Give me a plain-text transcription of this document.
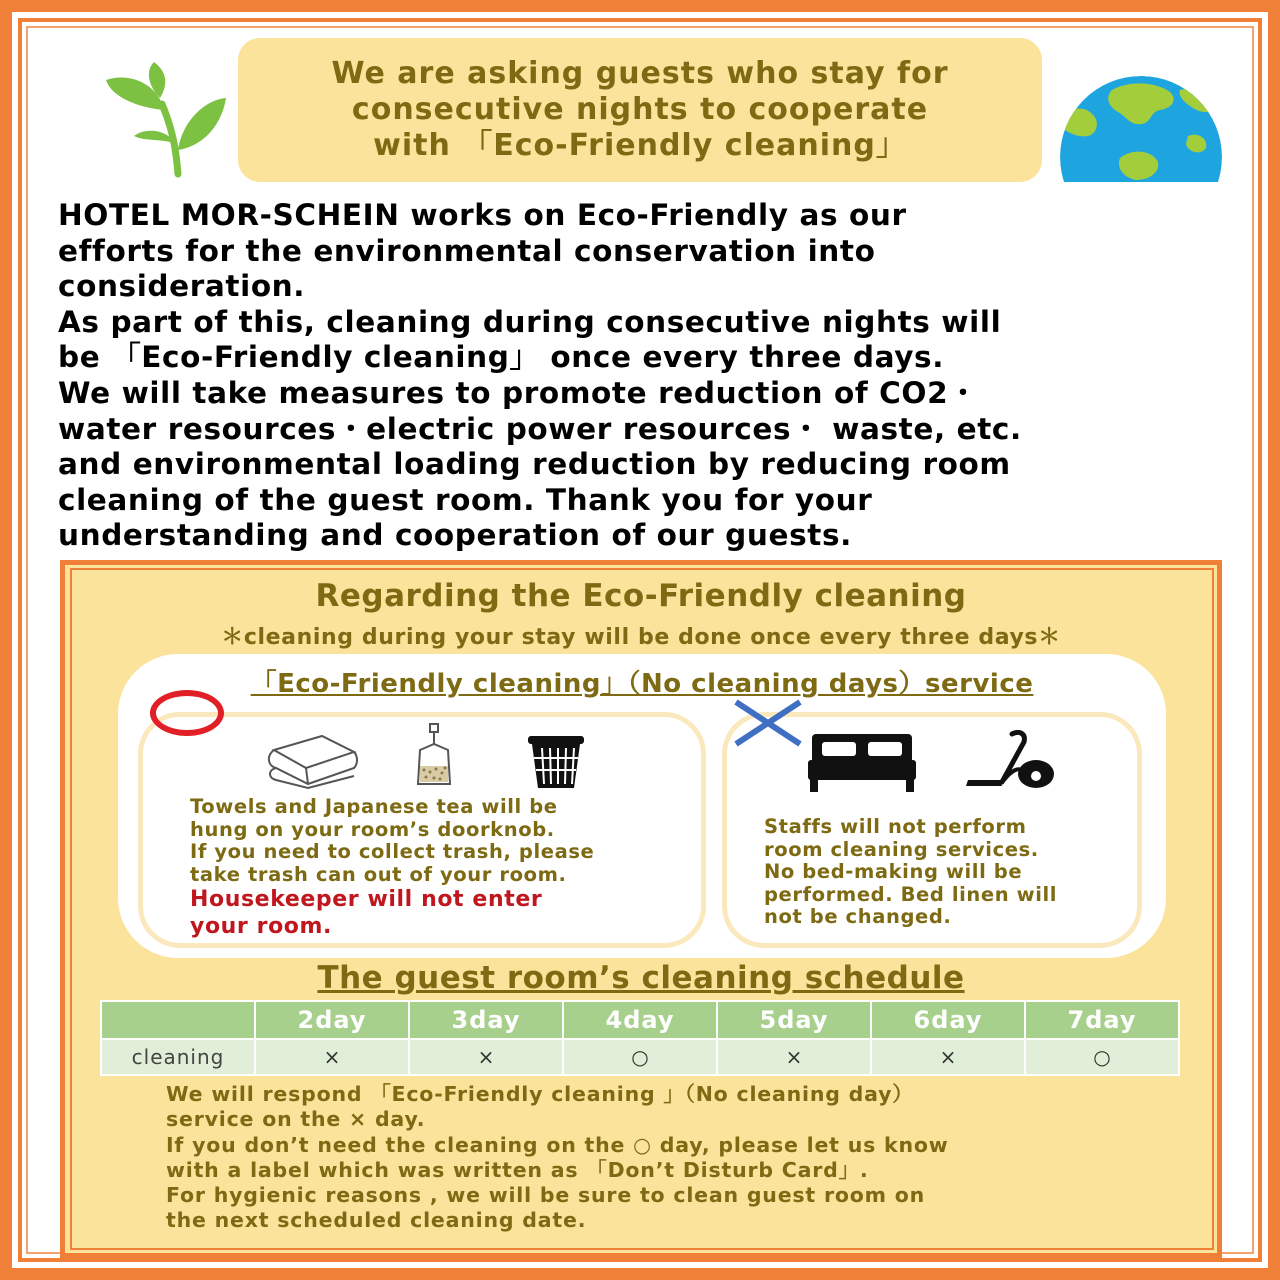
We are asking guests who stay for
consecutive nights to cooperate
with 「Eco-Friendly cleaning」
HOTEL MOR-SCHEIN works on Eco-Friendly as our
efforts for the environmental conservation into
consideration.
As part of this, cleaning during consecutive nights will
be 「Eco-Friendly cleaning」 once every three days.
We will take measures to promote reduction of CO2・
water resources・electric power resources・ waste, etc.
and environmental loading reduction by reducing room
cleaning of the guest room. Thank you for your
understanding and cooperation of our guests.
Regarding the Eco-Friendly cleaning
＊cleaning during your stay will be done once every three days＊
「Eco-Friendly cleaning」（No cleaning days）service
Towels and Japanese tea will be
hung on your room’s doorknob.
If you need to collect trash, please
take trash can out of your room.
Housekeeper will not enter
your room.
Staffs will not perform
room cleaning services.
No bed-making will be
performed. Bed linen will
not be changed.
The guest room’s cleaning schedule
	2day	3day	4day	5day	6day	7day
cleaning	×	×	○	×	×	○
We will respond 「Eco-Friendly cleaning 」（No cleaning day）
service on the × day.
If you don’t need the cleaning on the ○ day, please let us know
with a label which was written as 「Don’t Disturb Card」.
For hygienic reasons , we will be sure to clean guest room on
the next scheduled cleaning date.
